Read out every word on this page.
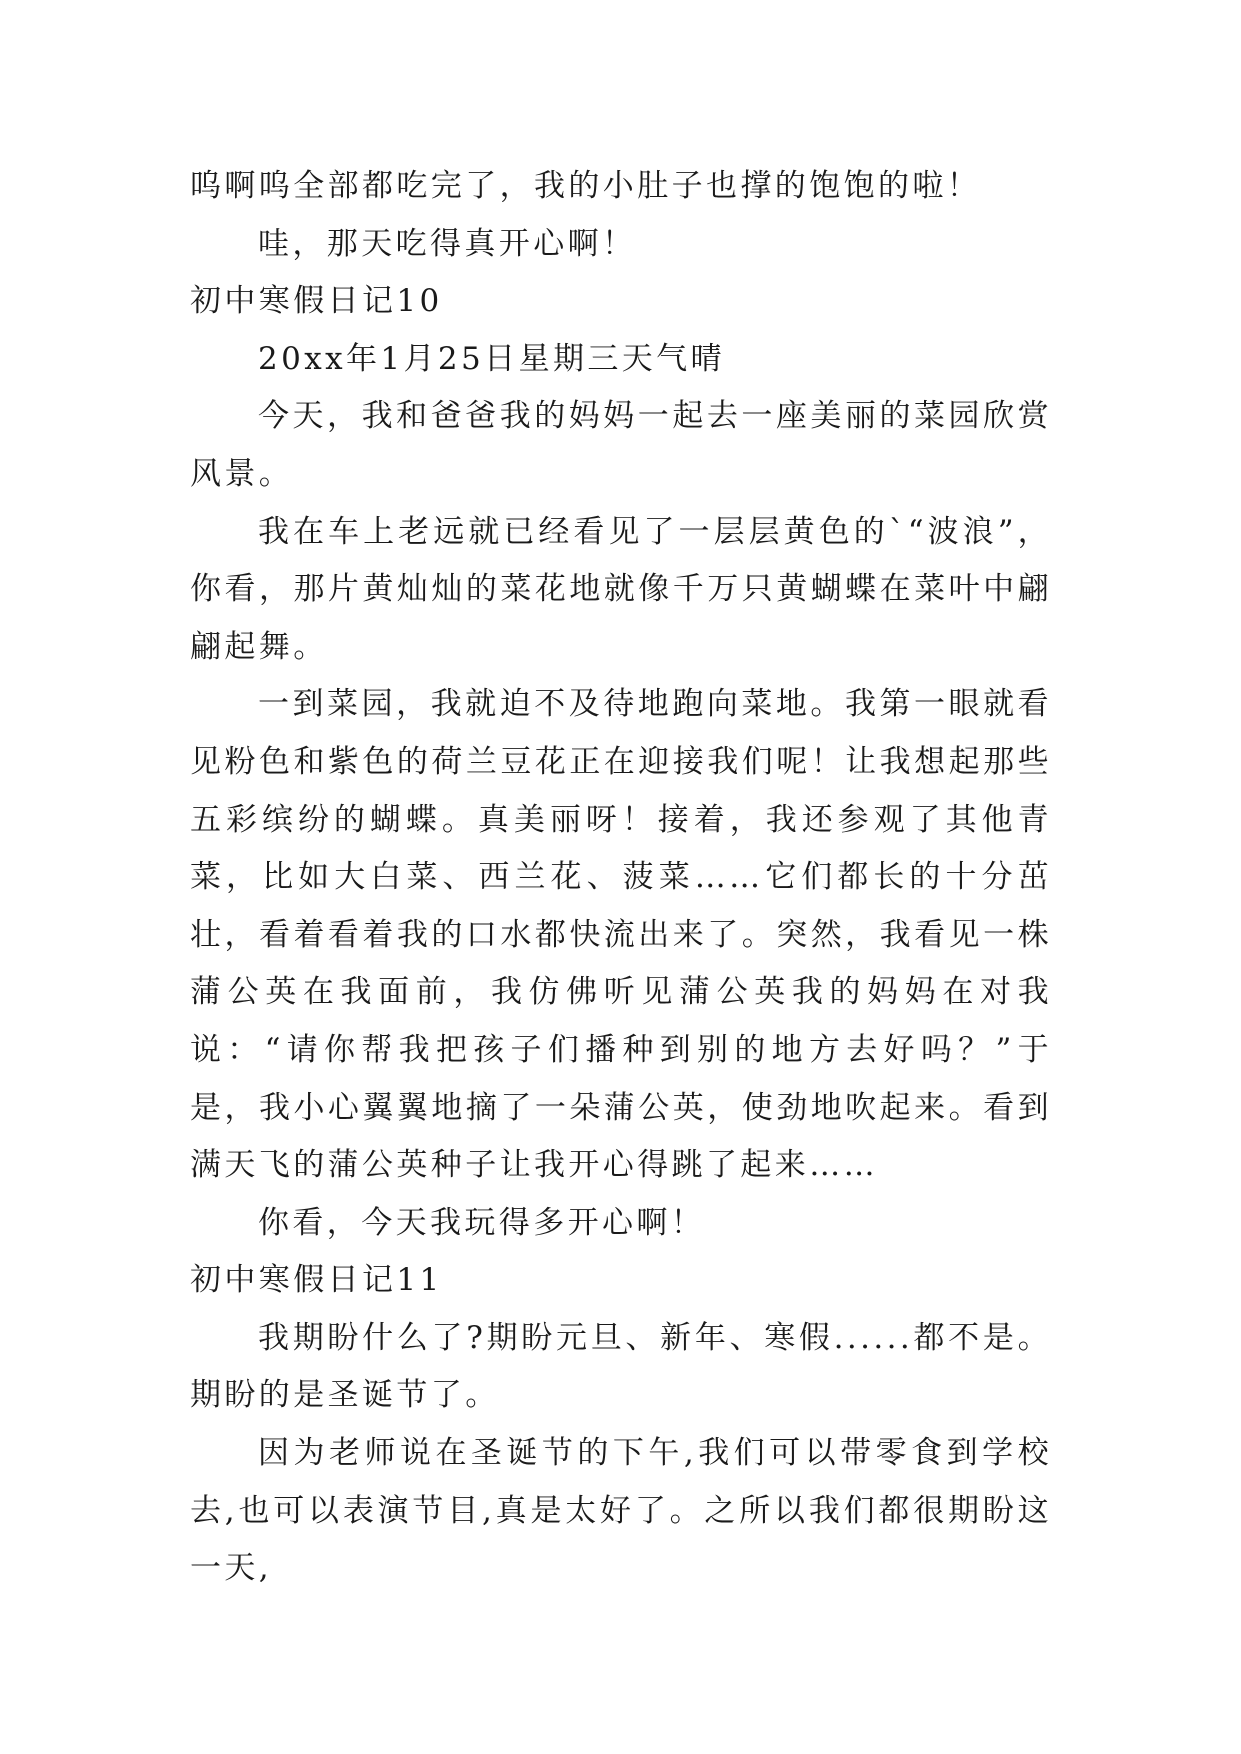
呜啊呜全部都吃完了，我的小肚子也撑的饱饱的啦！

哇，那天吃得真开心啊！

初中寒假日记10

20xx年1月25日星期三天气晴

今天，我和爸爸我的妈妈一起去一座美丽的菜园欣赏风景。

我在车上老远就已经看见了一层层黄色的`“波浪”，你看，那片黄灿灿的菜花地就像千万只黄蝴蝶在菜叶中翩翩起舞。

一到菜园，我就迫不及待地跑向菜地。我第一眼就看见粉色和紫色的荷兰豆花正在迎接我们呢！让我想起那些五彩缤纷的蝴蝶。真美丽呀！接着，我还参观了其他青菜，比如大白菜、西兰花、菠菜……它们都长的十分茁壮，看着看着我的口水都快流出来了。突然，我看见一株蒲公英在我面前，我仿佛听见蒲公英我的妈妈在对我说：“请你帮我把孩子们播种到别的地方去好吗？”于是，我小心翼翼地摘了一朵蒲公英，使劲地吹起来。看到满天飞的蒲公英种子让我开心得跳了起来……

你看，今天我玩得多开心啊！

初中寒假日记11

我期盼什么了?期盼元旦、新年、寒假......都不是。期盼的是圣诞节了。

因为老师说在圣诞节的下午,我们可以带零食到学校去,也可以表演节目,真是太好了。之所以我们都很期盼这一天,
